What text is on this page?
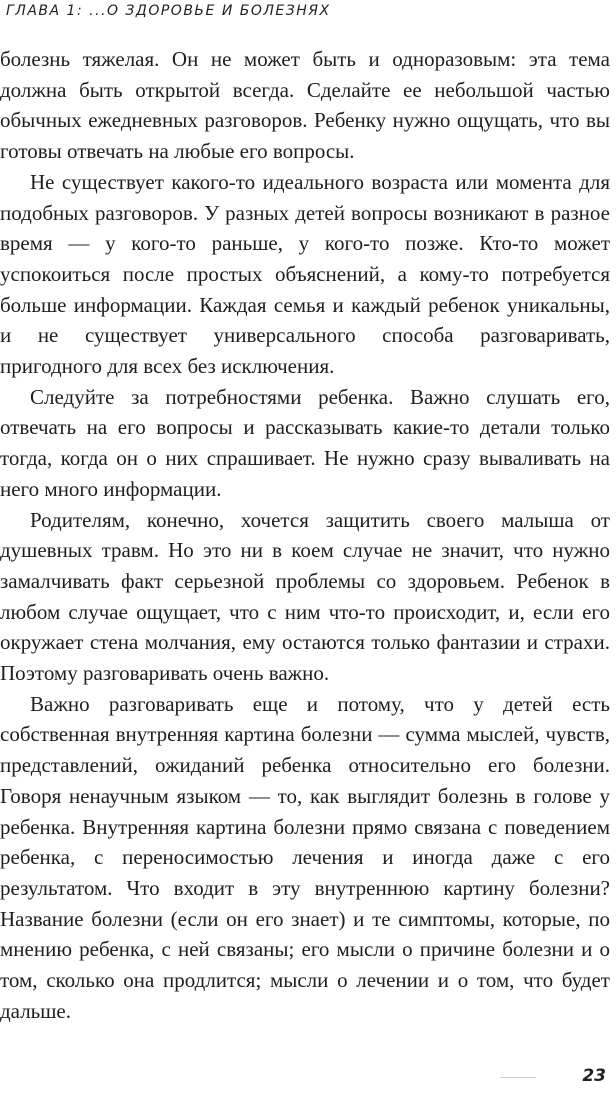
ГЛАВА 1: ...О ЗДОРОВЬЕ И БОЛЕЗНЯХ

болезнь тяжелая. Он не может быть и одноразовым: эта тема должна быть открытой всегда. Сделайте ее небольшой частью обычных ежедневных разговоров. Ребенку нужно ощущать, что вы готовы отвечать на любые его вопросы.

Не существует какого-то идеального возраста или момента для подобных разговоров. У разных детей вопросы возникают в разное время — у кого-то раньше, у кого-то позже. Кто-то может успокоиться после простых объяснений, а кому-то потребуется больше информации. Каждая семья и каждый ребенок уникальны, и не существует универсального способа разговаривать, пригодного для всех без исключения.

Следуйте за потребностями ребенка. Важно слушать его, отвечать на его вопросы и рассказывать какие-то детали только тогда, когда он о них спрашивает. Не нужно сразу вываливать на него много информации.

Родителям, конечно, хочется защитить своего малыша от душевных травм. Но это ни в коем случае не значит, что нужно замалчивать факт серьезной проблемы со здоровьем. Ребенок в любом случае ощущает, что с ним что-то происходит, и, если его окружает стена молчания, ему остаются только фантазии и страхи. Поэтому разговаривать очень важно.

Важно разговаривать еще и потому, что у детей есть собственная внутренняя картина болезни — сумма мыслей, чувств, представлений, ожиданий ребенка относительно его болезни. Говоря ненаучным языком — то, как выглядит болезнь в голове у ребенка. Внутренняя картина болезни прямо связана с поведением ребенка, с переносимостью лечения и иногда даже с его результатом. Что входит в эту внутреннюю картину болезни? Название болезни (если он его знает) и те симптомы, которые, по мнению ребенка, с ней связаны; его мысли о причине болезни и о том, сколько она продлится; мысли о лечении и о том, что будет дальше.

23
